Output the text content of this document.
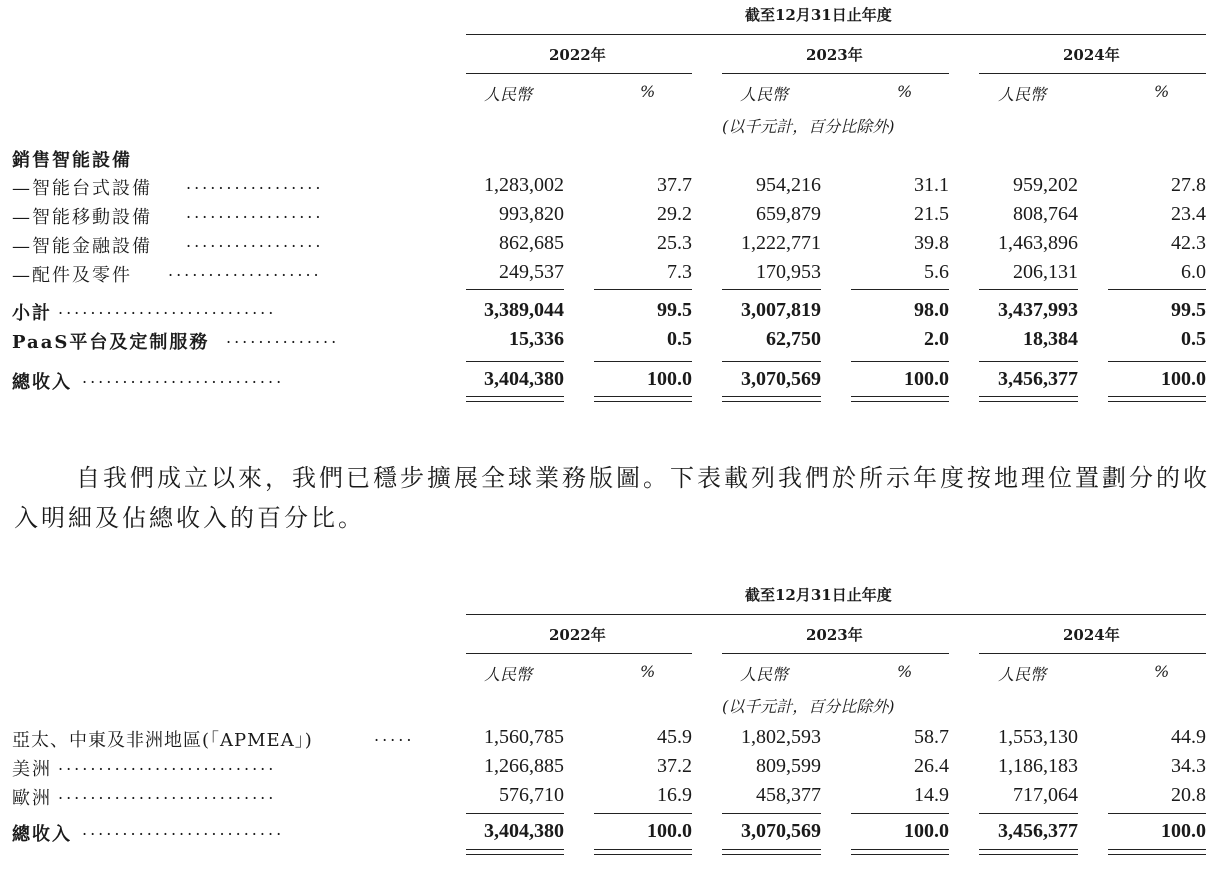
截至12月31日止年度
2022年	2023年	2024年
人民幣	%	人民幣	%	人民幣	%
(以千元計，百分比除外)
銷售智能設備
—智能台式設備 .................	1,283,002	37.7	954,216	31.1	959,202	27.8
—智能移動設備 .................	993,820	29.2	659,879	21.5	808,764	23.4
—智能金融設備 .................	862,685	25.3 1,222,771	39.8 1,463,896	42.3
—配件及零件 ...................	249,537	7.3	170,953	5.6	206,131	6.0
小計 ...........................	3,389,044	99.5 3,007,819	98.0 3,437,993	99.5
PaaS平台及定制服務 ..............	15,336	0.5	62,750	2.0	18,384	0.5
總收入 .........................	3,404,380	100.0 3,070,569	100.0 3,456,377	100.0
自我們成立以來，我們已穩步擴展全球業務版圖。下表載列我們於所示年度按地理位置劃分的收入明細及佔總收入的百分比。
截至12月31日止年度
2022年	2023年	2024年
人民幣	%	人民幣	%	人民幣	%
(以千元計，百分比除外)
亞太、中東及非洲地區(「APMEA」)	.....	1,560,785	45.9 1,802,593	58.7 1,553,130	44.9
美洲 ...........................	1,266,885	37.2	809,599	26.4 1,186,183	34.3
歐洲 ...........................	576,710	16.9	458,377	14.9	717,064	20.8
總收入 .........................	3,404,380	100.0 3,070,569	100.0 3,456,377	100.0
